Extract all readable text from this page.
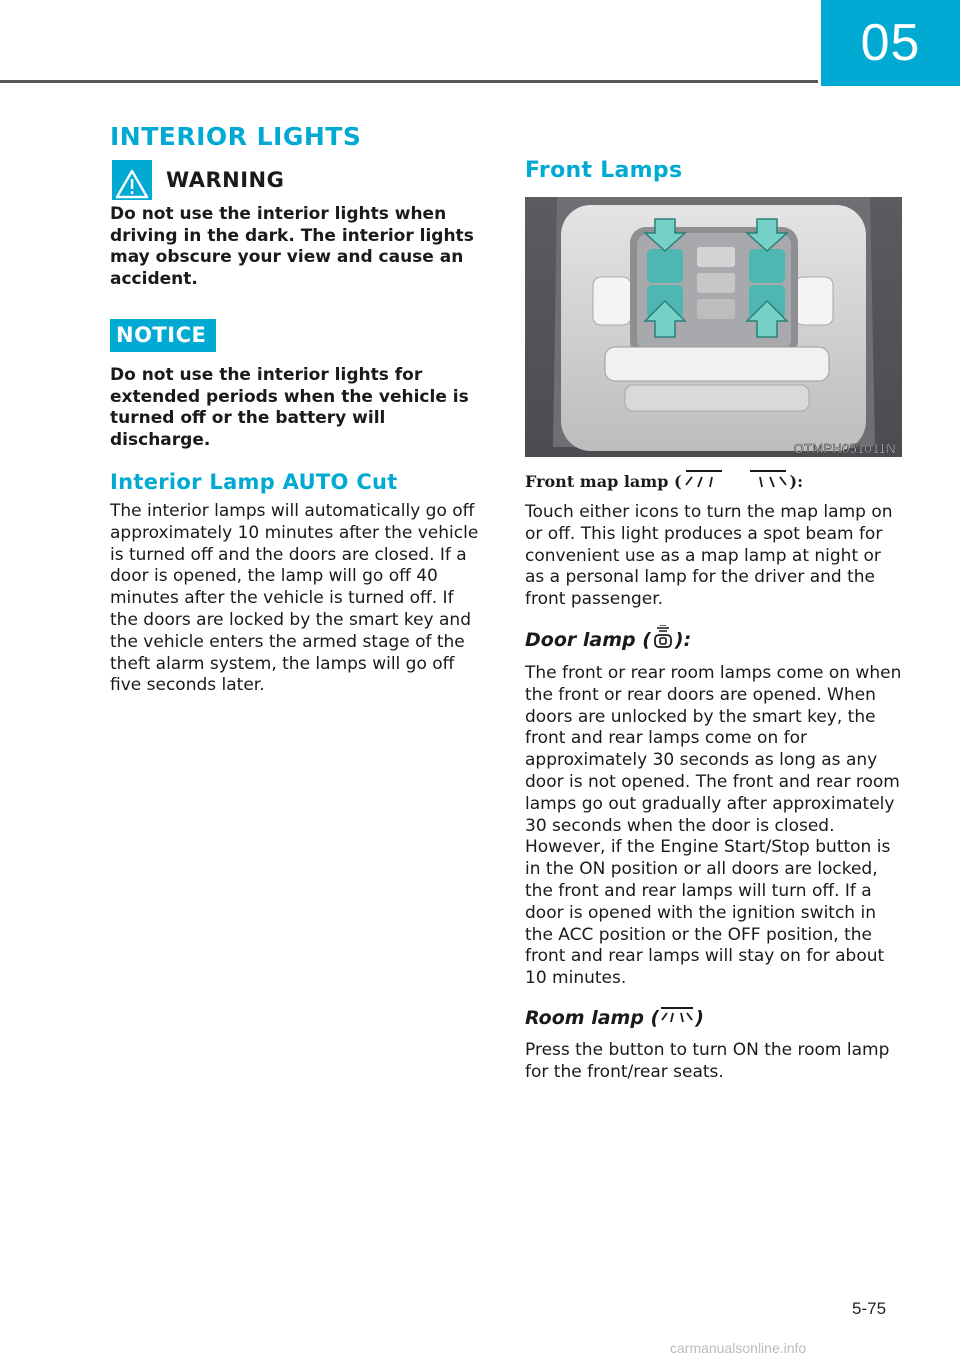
05
INTERIOR LIGHTS
WARNING

Do not use the interior lights when driving in the dark. The interior lights may obscure your view and cause an accident.

NOTICE

Do not use the interior lights for extended periods when the vehicle is turned off or the battery will discharge.

Interior Lamp AUTO Cut

The interior lamps will automatically go off approximately 10 minutes after the vehicle is turned off and the doors are closed. If a door is opened, the lamp will go off 40 minutes after the vehicle is turned off. If the doors are locked by the smart key and the vehicle enters the armed stage of the theft alarm system, the lamps will go off five seconds later.

Front Lamps
OTMPH051011N
Front map lamp (	):

Touch either icons to turn the map lamp on or off. This light produces a spot beam for convenient use as a map lamp at night or as a personal lamp for the driver and the front passenger.

Door lamp ( ):

The front or rear room lamps come on when the front or rear doors are opened. When doors are unlocked by the smart key, the front and rear lamps come on for approximately 30 seconds as long as any door is not opened. The front and rear room lamps go out gradually after approximately 30 seconds when the door is closed. However, if the Engine Start/Stop button is in the ON position or all doors are locked, the front and rear lamps will turn off. If a door is opened with the ignition switch in the ACC position or the OFF position, the front and rear lamps will stay on for about 10 minutes.

Room lamp ( )

Press the button to turn ON the room lamp for the front/rear seats.

5-75
carmanualsonline.info
